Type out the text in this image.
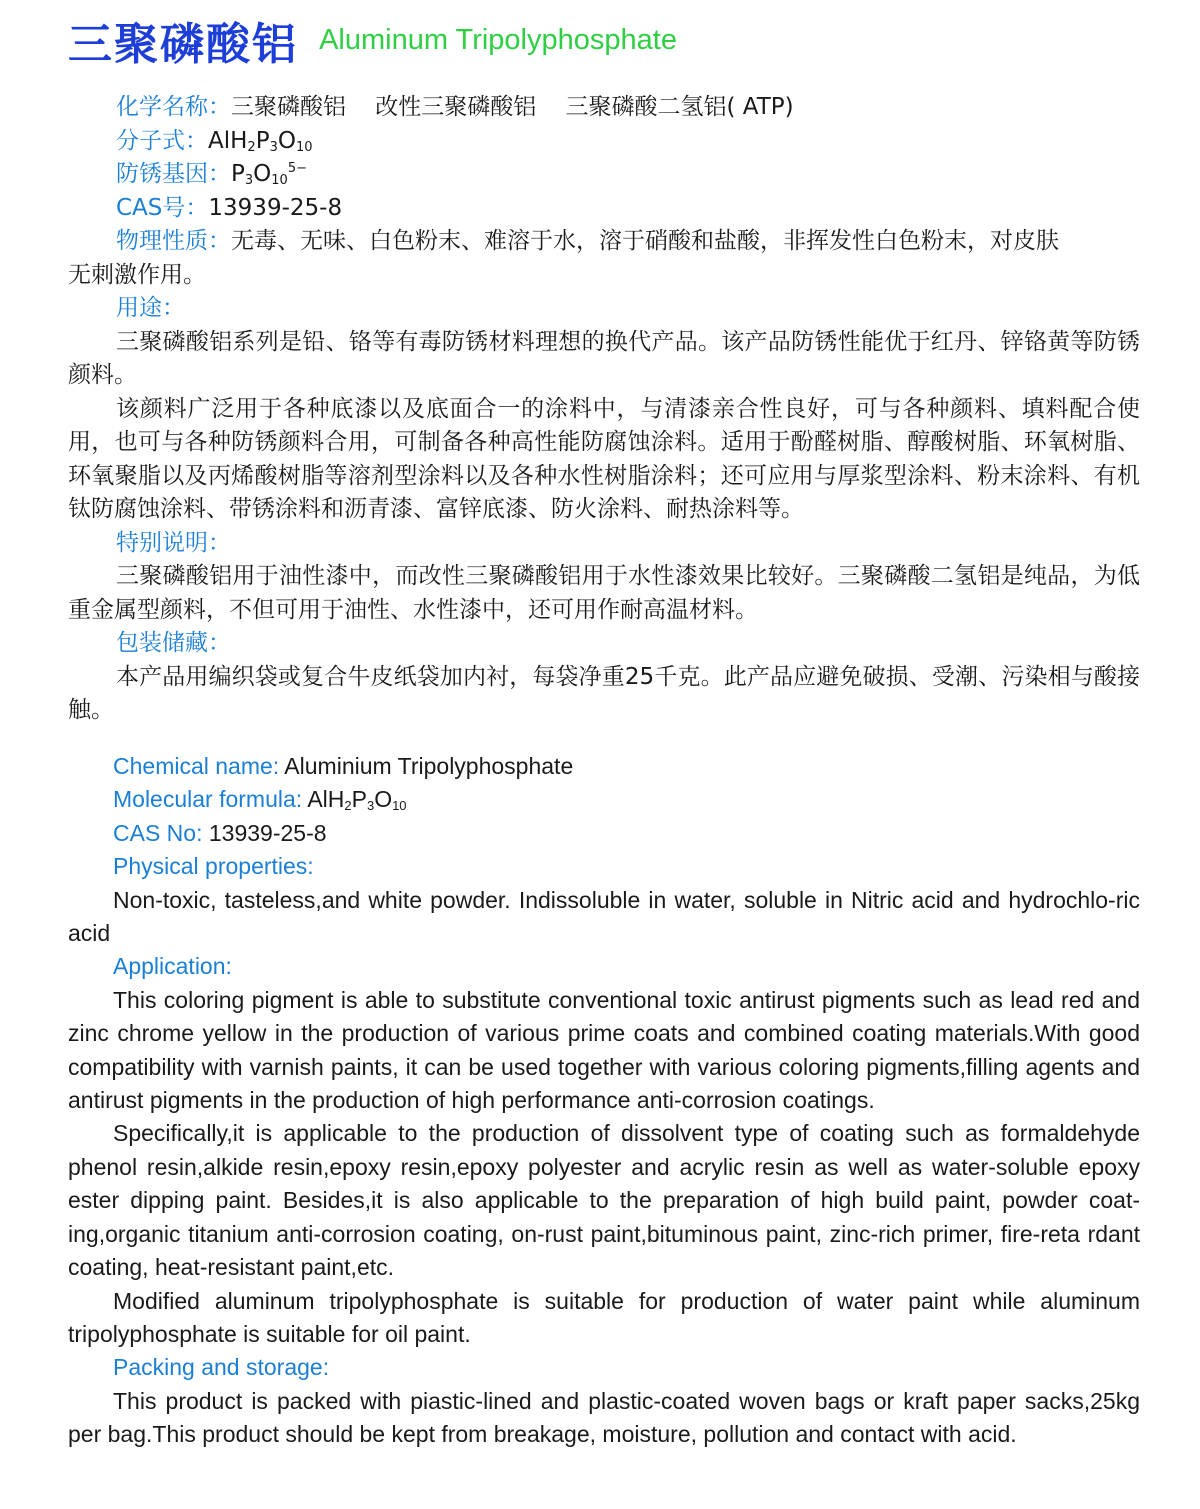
三聚磷酸铝 Aluminum Tripolyphosphate
化学名称：三聚磷酸铝    改性三聚磷酸铝    三聚磷酸二氢铝( ATP)
分子式：$AlH_2P_3O_{10}$
防锈基因：$P_3O_{10}^{5-}$
CAS号：13939-25-8
物理性质：无毒、无味、白色粉末、难溶于水，溶于硝酸和盐酸，非挥发性白色粉末，对皮肤
无刺激作用。
用途：

三聚磷酸铝系列是铅、铬等有毒防锈材料理想的换代产品。该产品防锈性能优于红丹、锌铬黄等防锈颜料。

该颜料广泛用于各种底漆以及底面合一的涂料中，与清漆亲合性良好，可与各种颜料、填料配合使用，也可与各种防锈颜料合用，可制备各种高性能防腐蚀涂料。适用于酚醛树脂、醇酸树脂、环氧树脂、环氧聚脂以及丙烯酸树脂等溶剂型涂料以及各种水性树脂涂料；还可应用与厚浆型涂料、粉末涂料、有机钛防腐蚀涂料、带锈涂料和沥青漆、富锌底漆、防火涂料、耐热涂料等。

特别说明：

三聚磷酸铝用于油性漆中，而改性三聚磷酸铝用于水性漆效果比较好。三聚磷酸二氢铝是纯品，为低重金属型颜料，不但可用于油性、水性漆中，还可用作耐高温材料。

包装储藏：

本产品用编织袋或复合牛皮纸袋加内衬，每袋净重25千克。此产品应避免破损、受潮、污染相与酸接触。

Chemical name: Aluminium Tripolyphosphate
Molecular formula: $AlH_2P_3O_{10}$
CAS No: 13939-25-8
Physical properties:

Non-toxic, tasteless,and white powder. Indissoluble in water, soluble in Nitric acid and hydrochlo-ric acid

Application:

This coloring pigment is able to substitute conventional toxic antirust pigments such as lead red and zinc chrome yellow in the production of various prime coats and combined coating materials.With good compatibility with varnish paints, it can be used together with various coloring pigments,filling agents and antirust pigments in the production of high performance anti-corrosion coatings.

Specifically,it is applicable to the production of dissolvent type of coating such as formaldehyde phenol resin,alkide resin,epoxy resin,epoxy polyester and acrylic resin as well as water-soluble epoxy ester dipping paint. Besides,it is also applicable to the preparation of high build paint, powder coat-ing,organic titanium anti-corrosion coating, on-rust paint,bituminous paint, zinc-rich primer, fire-reta rdant coating, heat-resistant paint,etc.

Modified aluminum tripolyphosphate is suitable for production of water paint while aluminum tripolyphosphate is suitable for oil paint.

Packing and storage:

This product is packed with piastic-lined and plastic-coated woven bags or kraft paper sacks,25kg per bag.This product should be kept from breakage, moisture, pollution and contact with acid.
